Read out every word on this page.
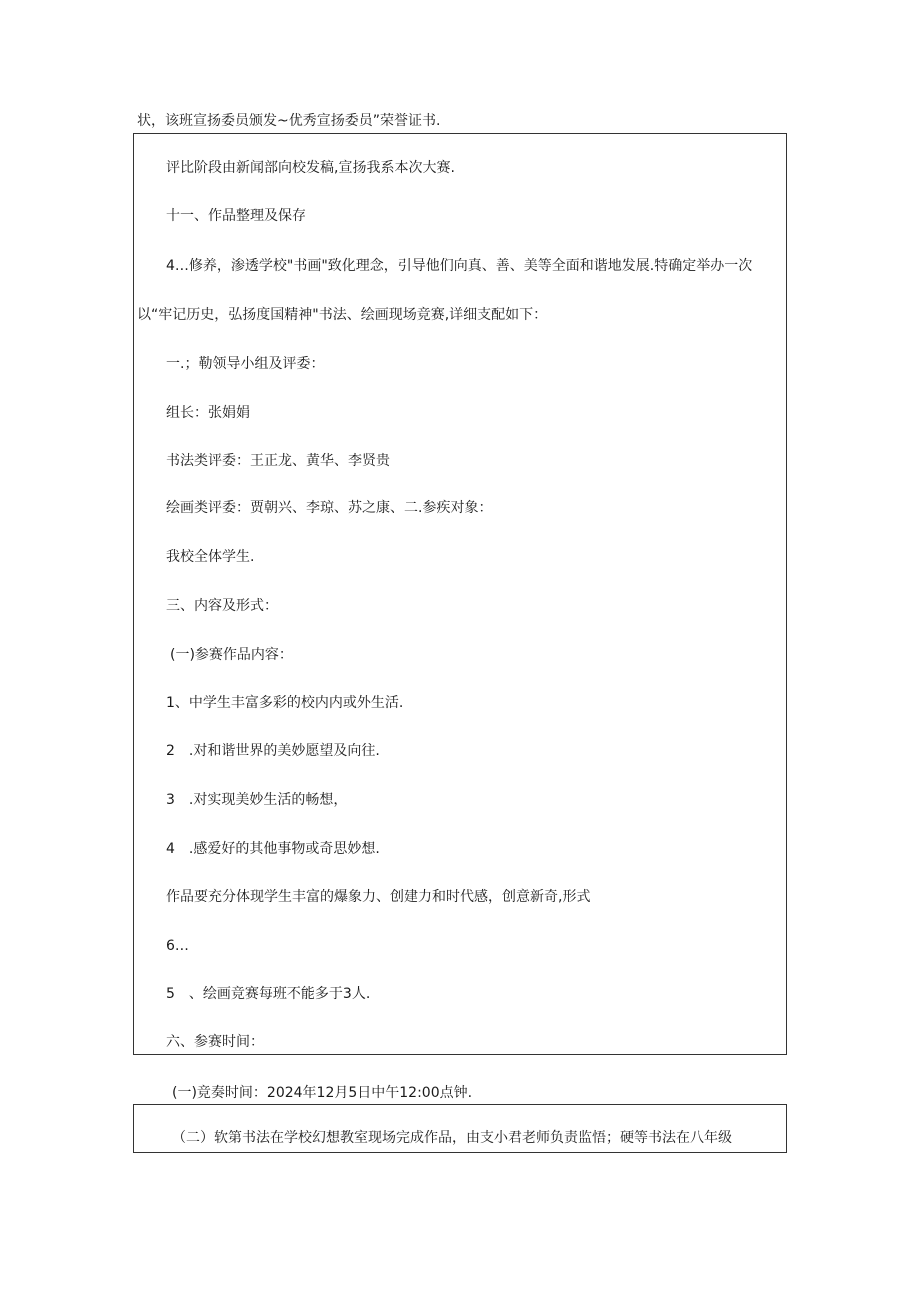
状，该班宣扬委员颁发~优秀宣扬委员”荣誉证书.
评比阶段由新闻部向校发稿,宣扬我系本次大赛.
十一、作品整理及保存
4…修养，渗透学校"书画"致化理念，引导他们向真、善、美等全面和谐地发展.特确定举办一次
以“牢记历史，弘扬度国精神"书法、绘画现场竞赛,详细支配如下：
一.；勒领导小组及评委：
组长：张娟娟
书法类评委：王正龙、黄华、李贤贵
绘画类评委：贾朝兴、李琼、苏之康、二.参疾对象：
我校全体学生.
三、内容及形式：
(一)参赛作品内容：
1、中学生丰富多彩的校内内或外生活.
2　.对和谐世界的美妙愿望及向往.
3　.对实现美妙生活的畅想，
4　.感爱好的其他事物或奇思妙想.
作品要充分体现学生丰富的爆象力、创建力和时代感，创意新奇,形式
6…
5　、绘画竞赛每班不能多于3人.
六、参赛时间：
(一)竞奏时间：2024年12月5日中午12:00点钟.
（二）软第书法在学校幻想教室现场完成作品，由支小君老师负责监悟；硬等书法在八年级
